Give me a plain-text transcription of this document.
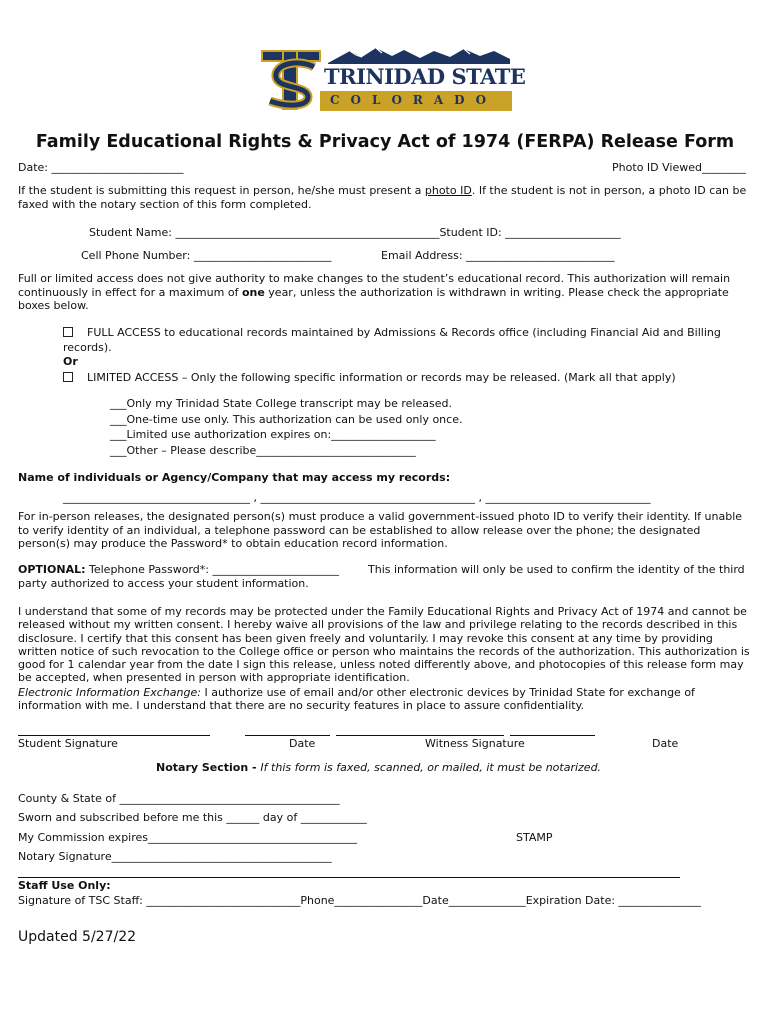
TRINIDAD STATE
COLORADO
Family Educational Rights & Privacy Act of 1974 (FERPA) Release Form
Date: ________________________	Photo ID Viewed________
If the student is submitting this request in person, he/she must present a photo ID. If the student is not in person, a photo ID can be faxed with the notary section of this form completed.
Student Name: ________________________________________________Student ID: _____________________
Cell Phone Number: _________________________	Email Address: ___________________________
Full or limited access does not give authority to make changes to the student’s educational record. This authorization will remain continuously in effect for a maximum of one year, unless the authorization is withdrawn in writing. Please check the appropriate boxes below.
FULL ACCESS to educational records maintained by Admissions & Records office (including Financial Aid and Billing records).
Or
LIMITED ACCESS – Only the following specific information or records may be released. (Mark all that apply)
___Only my Trinidad State College transcript may be released.
___One-time use only. This authorization can be used only once.
___Limited use authorization expires on:___________________
___Other – Please describe_____________________________
Name of individuals or Agency/Company that may access my records:
__________________________________ , _______________________________________ , ______________________________
For in-person releases, the designated person(s) must produce a valid government-issued photo ID to verify their identity. If unable to verify identity of an individual, a telephone password can be established to allow release over the phone; the designated person(s) may produce the Password* to obtain education record information.
OPTIONAL: Telephone Password*: _______________________	This information will only be used to confirm the identity of the third party authorized to access your student information.
I understand that some of my records may be protected under the Family Educational Rights and Privacy Act of 1974 and cannot be released without my written consent. I hereby waive all provisions of the law and privilege relating to the records described in this disclosure. I certify that this consent has been given freely and voluntarily. I may revoke this consent at any time by providing written notice of such revocation to the College office or person who maintains the records of the authorization. This authorization is good for 1 calendar year from the date I sign this release, unless noted differently above, and photocopies of this release form may be accepted, when presented in person with appropriate identification.
Electronic Information Exchange: I authorize use of email and/or other electronic devices by Trinidad State for exchange of information with me. I understand that there are no security features in place to assure confidentiality.
Student Signature	Date	Witness Signature	Date
Notary Section - If this form is faxed, scanned, or mailed, it must be notarized.
County & State of ________________________________________
Sworn and subscribed before me this ______ day of ____________
My Commission expires______________________________________	STAMP
Notary Signature________________________________________
Staff Use Only:
Signature of TSC Staff: ____________________________Phone________________Date______________Expiration Date: _______________
Updated 5/27/22
